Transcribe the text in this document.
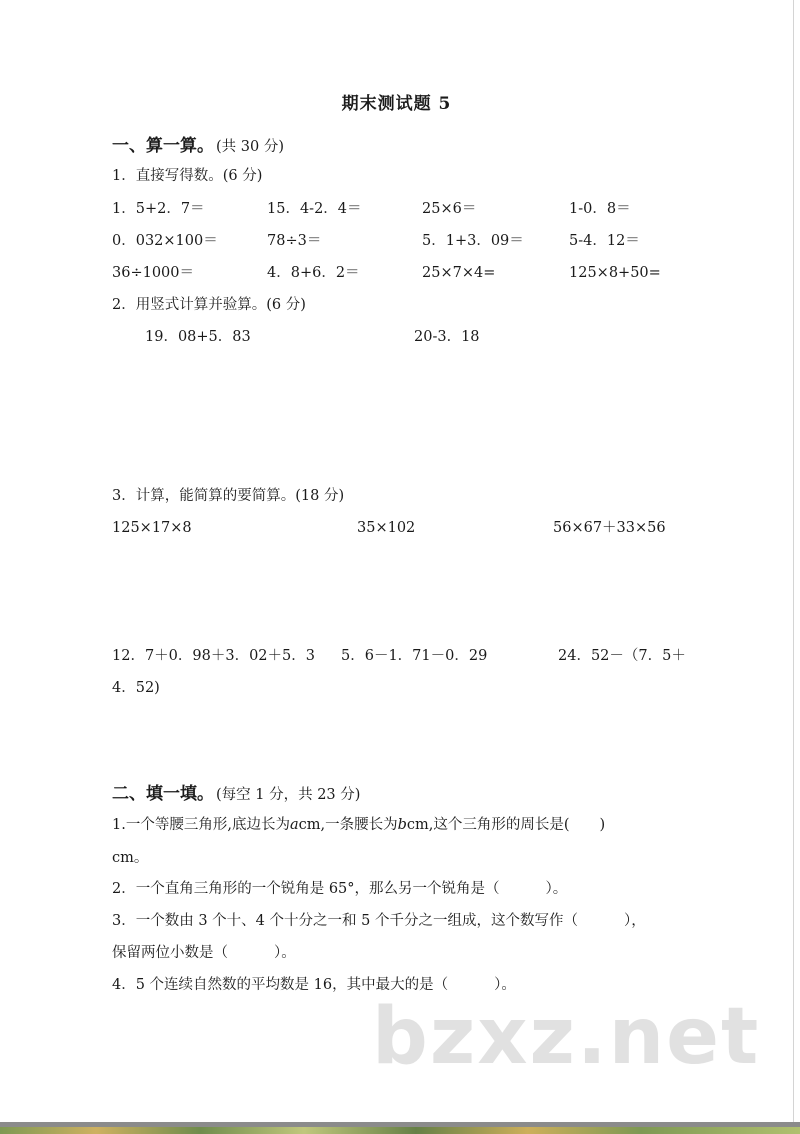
期末测试题 5
一、算一算。 (共 30 分)
1．直接写得数。(6 分)
1．5+2．7＝	15．4-2．4＝	25×6＝	1-0．8＝
0．032×100＝	78÷3＝	5．1+3．09＝	5-4．12＝
36÷1000＝	4．8+6．2＝	25×7×4=	125×8+50=
2．用竖式计算并验算。(6 分)
19．08+5．83	20-3．18
3．计算，能简算的要简算。(18 分)
125×17×8	35×102	56×67＋33×56
12．7＋0．98＋3．02＋5．3 5．6－1．71－0．29	24．52－（7．5＋
4．52)
二、填一填。 (每空 1 分，共 23 分)
1.一个等腰三角形,底边长为acm,一条腰长为bcm,这个三角形的周长是( )
cm。
2．一个直角三角形的一个锐角是 65°，那么另一个锐角是（	）。
3．一个数由 3 个十、4 个十分之一和 5 个千分之一组成，这个数写作（	），
保留两位小数是（	）。
4．5 个连续自然数的平均数是 16，其中最大的是（	）。
bzxz.net
